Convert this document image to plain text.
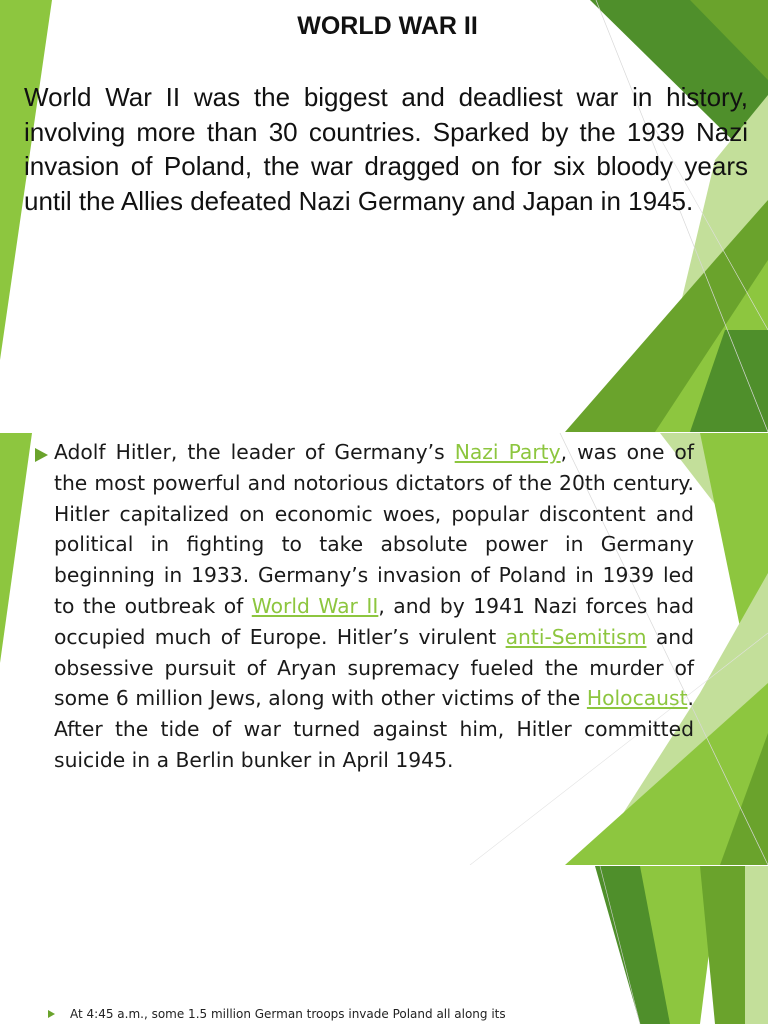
WORLD WAR II

World War II was the biggest and deadliest war in history, involving more than 30 countries. Sparked by the 1939 Nazi invasion of Poland, the war dragged on for six bloody years until the Allies defeated Nazi Germany and Japan in 1945.

Adolf Hitler, the leader of Germany’s Nazi Party, was one of the most powerful and notorious dictators of the 20th century. Hitler capitalized on economic woes, popular discontent and political in fighting to take absolute power in Germany beginning in 1933. Germany’s invasion of Poland in 1939 led to the outbreak of World War II, and by 1941 Nazi forces had occupied much of Europe. Hitler’s virulent anti-Semitism and obsessive pursuit of Aryan supremacy fueled the murder of some 6 million Jews, along with other victims of the Holocaust. After the tide of war turned against him, Hitler committed suicide in a Berlin bunker in April 1945.

At 4:45 a.m., some 1.5 million German troops invade Poland all along its
